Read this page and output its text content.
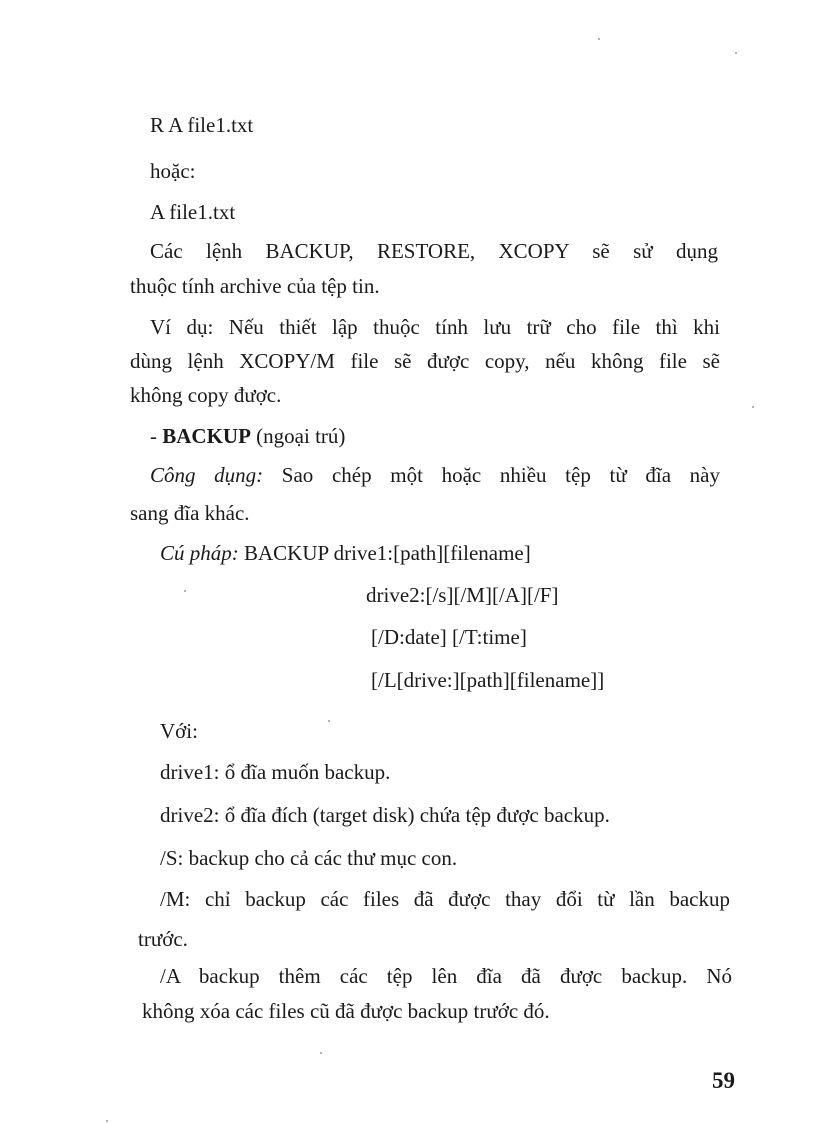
R A file1.txt
hoặc:
A file1.txt
Các lệnh BACKUP, RESTORE, XCOPY sẽ sử dụng
thuộc tính archive của tệp tin.
Ví dụ: Nếu thiết lập thuộc tính lưu trữ cho file thì khi
dùng lệnh XCOPY/M file sẽ được copy, nếu không file sẽ
không copy được.
- BACKUP (ngoại trú)
Công dụng: Sao chép một hoặc nhiều tệp từ đĩa này
sang đĩa khác.
Cú pháp: BACKUP drive1:[path][filename]
drive2:[/s][/M][/A][/F]
[/D:date] [/T:time]
[/L[drive:][path][filename]]
Với:
drive1: ổ đĩa muốn backup.
drive2: ổ đĩa đích (target disk) chứa tệp được backup.
/S: backup cho cả các thư mục con.
/M: chỉ backup các files đã được thay đổi từ lần backup
trước.
/A backup thêm các tệp lên đĩa đã được backup. Nó
không xóa các files cũ đã được backup trước đó.
59
